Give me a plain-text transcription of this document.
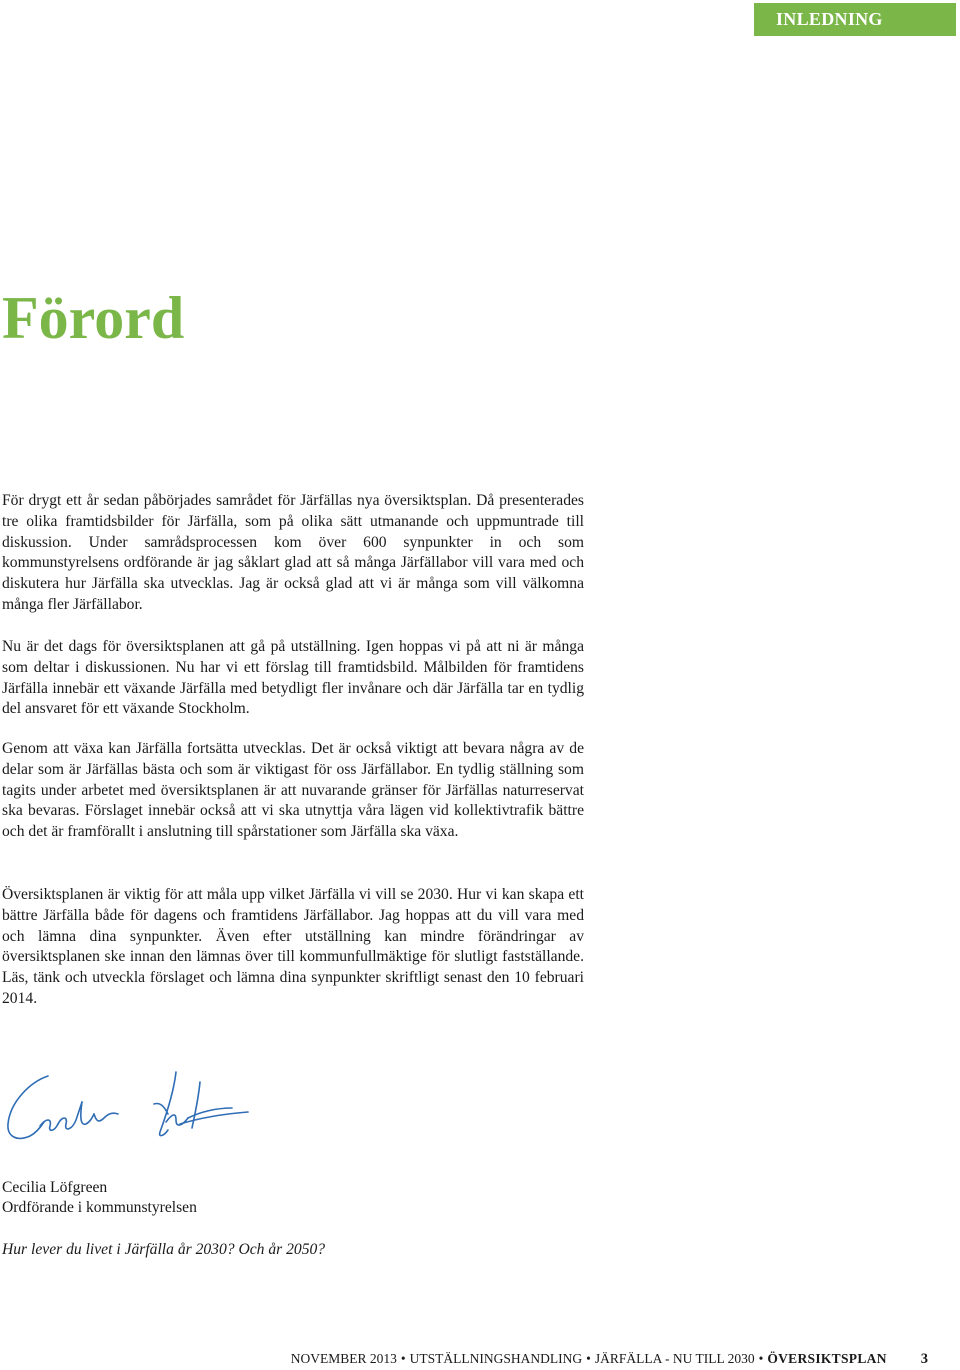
INLEDNING
Förord

För drygt ett år sedan påbörjades samrådet för Järfällas nya översiktsplan. Då presenterades tre olika framtidsbilder för Järfälla, som på olika sätt utmanande och uppmuntrade till diskussion. Under samrådsprocessen kom över 600 synpunkter in och som kommunstyrelsens ordförande är jag såklart glad att så många Järfällabor vill vara med och diskutera hur Järfälla ska utvecklas. Jag är också glad att vi är många som vill välkomna många fler Järfällabor.

Nu är det dags för översiktsplanen att gå på utställning. Igen hoppas vi på att ni är många som deltar i diskussionen. Nu har vi ett förslag till framtidsbild. Målbilden för framtidens Järfälla innebär ett växande Järfälla med betydligt fler invånare och där Järfälla tar en tydlig del ansvaret för ett växande Stockholm.

Genom att växa kan Järfälla fortsätta utvecklas. Det är också viktigt att bevara några av de delar som är Järfällas bästa och som är viktigast för oss Järfällabor. En tydlig ställning som tagits under arbetet med översiktsplanen är att nuvarande gränser för Järfällas naturreservat ska bevaras. Förslaget innebär också att vi ska utnyttja våra lägen vid kollektivtrafik bättre och det är framförallt i anslutning till spårstationer som Järfälla ska växa.

Översiktsplanen är viktig för att måla upp vilket Järfälla vi vill se 2030. Hur vi kan skapa ett bättre Järfälla både för dagens och framtidens Järfällabor. Jag hoppas att du vill vara med och lämna dina synpunkter. Även efter utställning kan mindre förändringar av översiktsplanen ske innan den lämnas över till kommunfullmäktige för slutligt fastställande. Läs, tänk och utveckla förslaget och lämna dina synpunkter skriftligt senast den 10 februari 2014.

Cecilia Löfgreen

Ordförande i kommunstyrelsen

Hur lever du livet i Järfälla år 2030? Och år 2050?

NOVEMBER 2013 • UTSTÄLLNINGSHANDLING • JÄRFÄLLA - NU TILL 2030 • ÖVERSIKTSPLAN 3
